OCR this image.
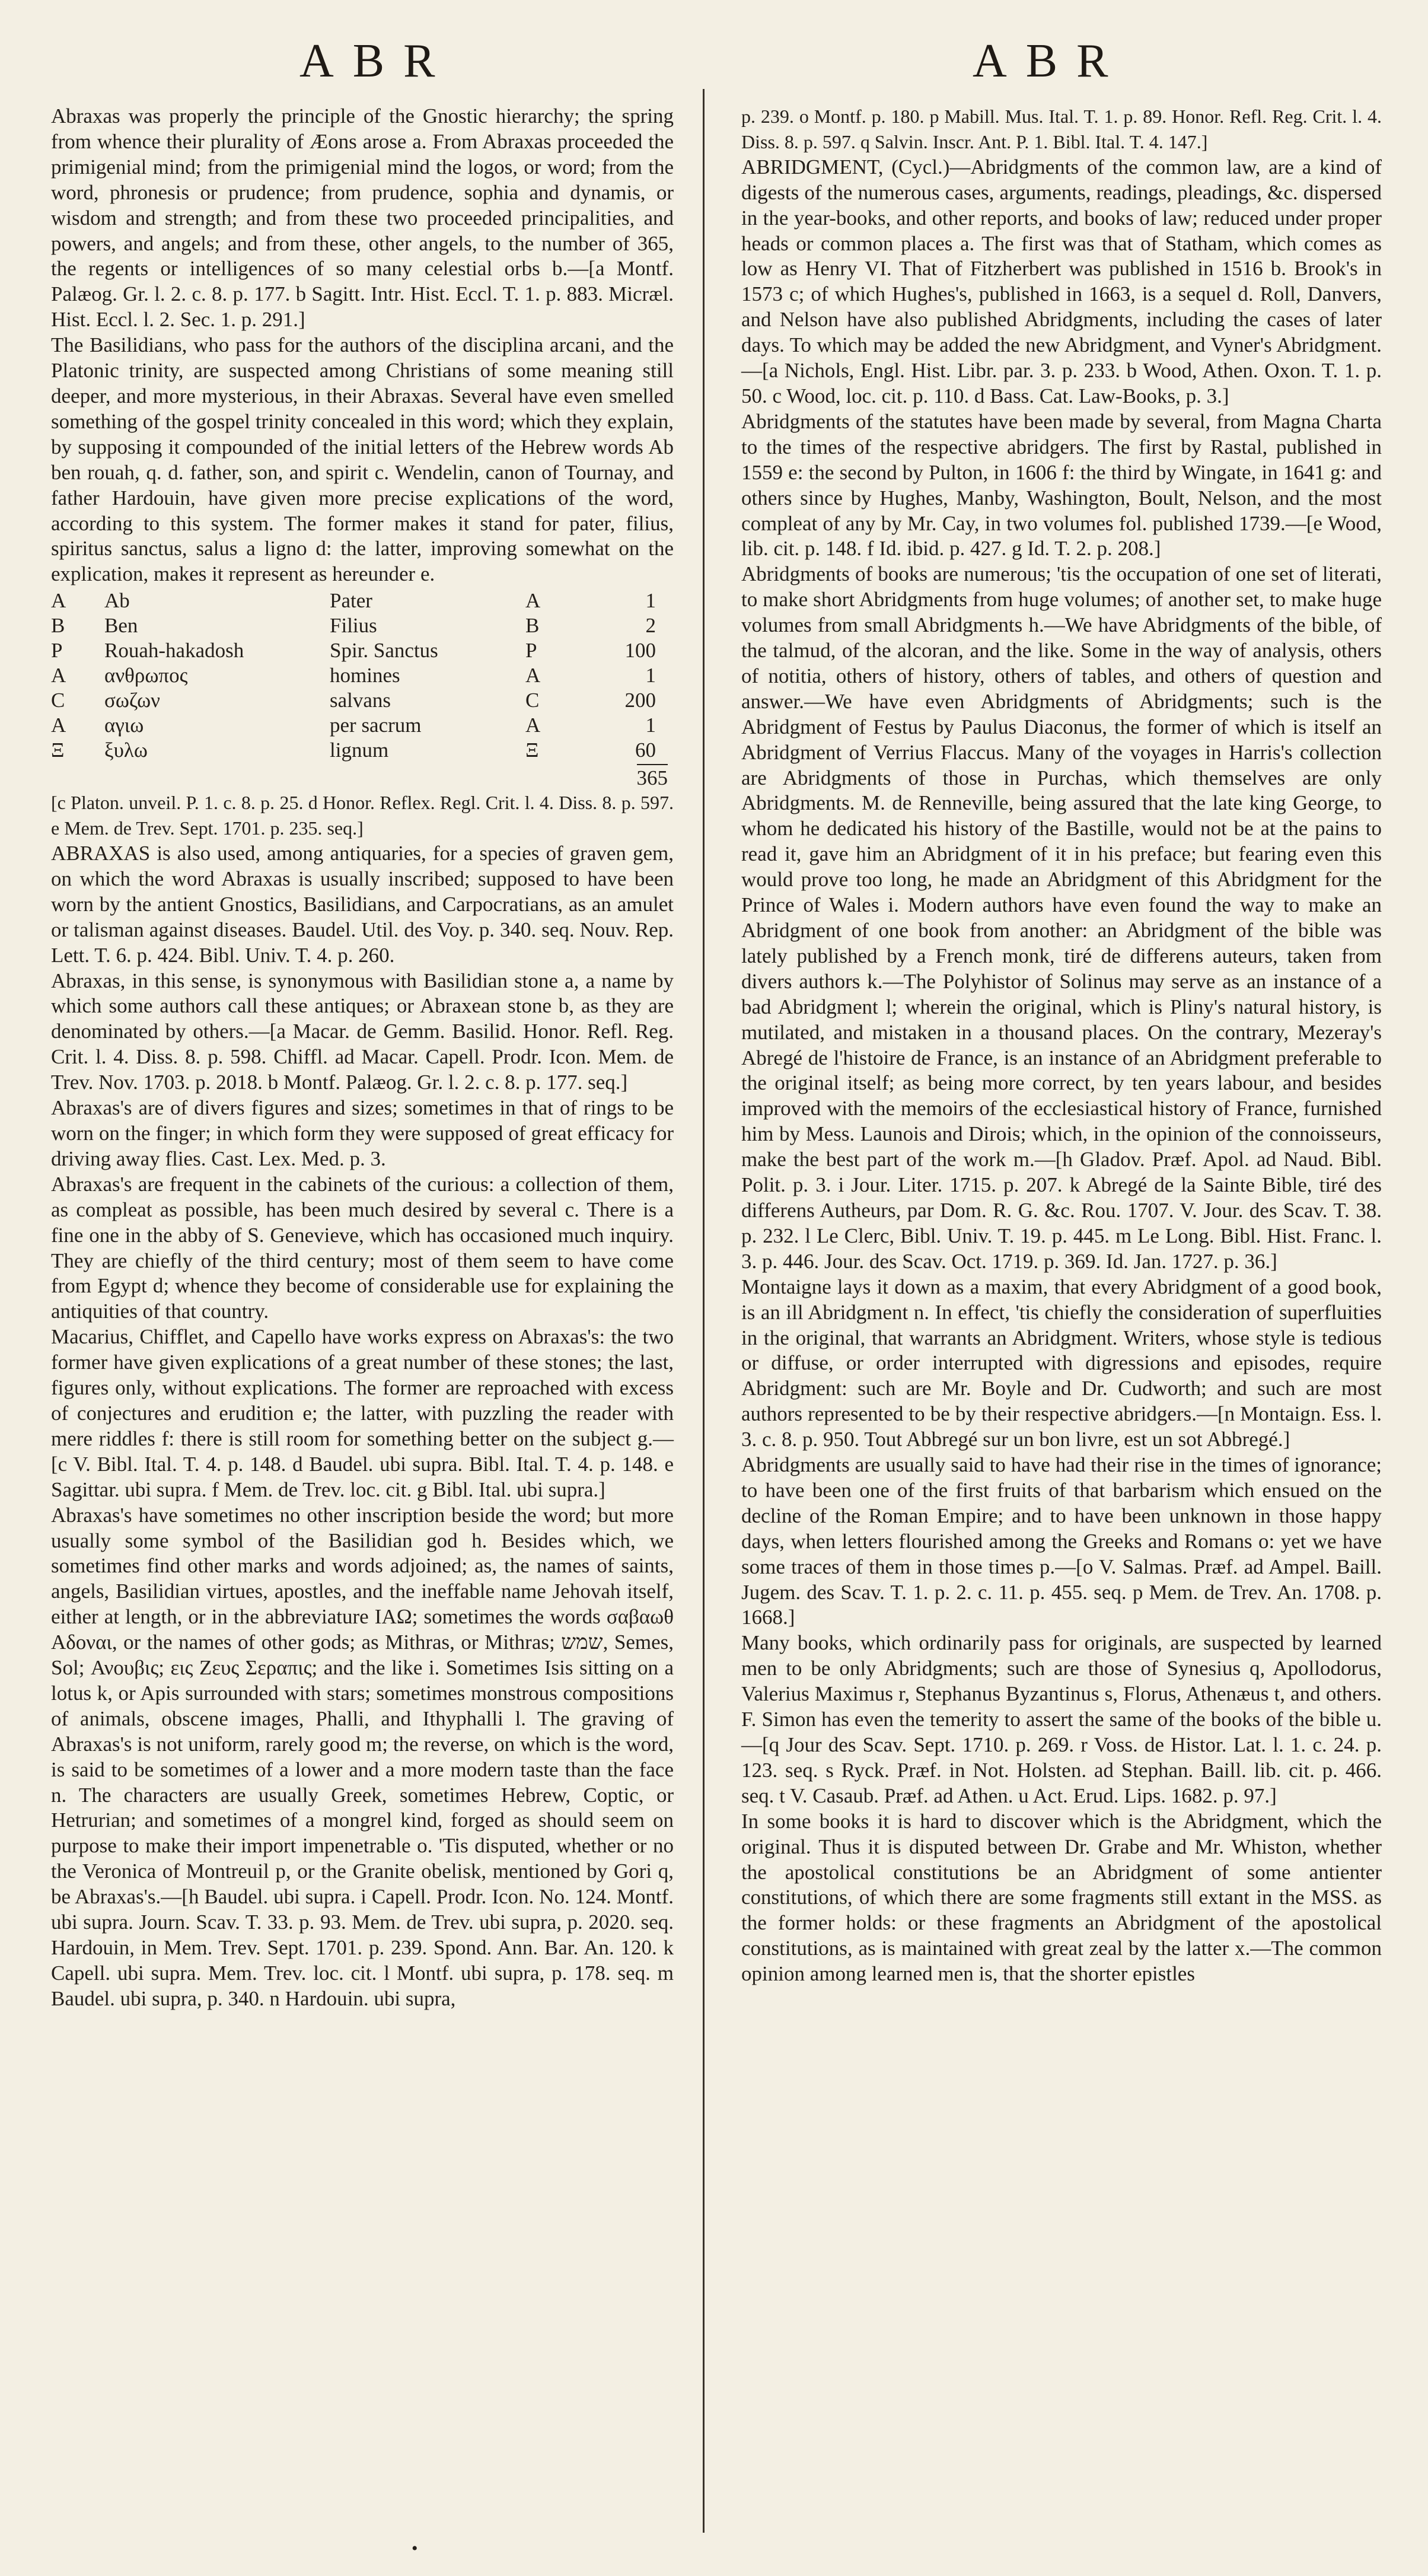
ABR	ABR

Abraxas was properly the principle of the Gnostic hierarchy; the spring from whence their plurality of Æons arose a. From Abraxas proceeded the primigenial mind; from the primigenial mind the logos, or word; from the word, phronesis or prudence; from prudence, sophia and dynamis, or wisdom and strength; and from these two proceeded principalities, and powers, and angels; and from these, other angels, to the number of 365, the regents or intelligences of so many celestial orbs b.—[a Montf. Palæog. Gr. l. 2. c. 8. p. 177. b Sagitt. Intr. Hist. Eccl. T. 1. p. 883. Micræl. Hist. Eccl. l. 2. Sec. 1. p. 291.]

The Basilidians, who pass for the authors of the disciplina arcani, and the Platonic trinity, are suspected among Christians of some meaning still deeper, and more mysterious, in their Abraxas. Several have even smelled something of the gospel trinity concealed in this word; which they explain, by supposing it compounded of the initial letters of the Hebrew words Ab ben rouah, q. d. father, son, and spirit c. Wendelin, canon of Tournay, and father Hardouin, have given more precise explications of the word, according to this system. The former makes it stand for pater, filius, spiritus sanctus, salus a ligno d: the latter, improving somewhat on the explication, makes it represent as hereunder e.

A	Ab	Pater	A	1
B	Ben	Filius	B	2
P	Rouah-hakadosh	Spir. Sanctus	P	100
A	ανθρωπος	homines	A	1
C	σωζων	salvans	C	200
A	αγιω	per sacrum	A	1
Ξ	ξυλω	lignum	Ξ	60
365

[c Platon. unveil. P. 1. c. 8. p. 25. d Honor. Reflex. Regl. Crit. l. 4. Diss. 8. p. 597. e Mem. de Trev. Sept. 1701. p. 235. seq.]

ABRAXAS is also used, among antiquaries, for a species of graven gem, on which the word Abraxas is usually inscribed; supposed to have been worn by the antient Gnostics, Basilidians, and Carpocratians, as an amulet or talisman against diseases. Baudel. Util. des Voy. p. 340. seq. Nouv. Rep. Lett. T. 6. p. 424. Bibl. Univ. T. 4. p. 260.

Abraxas, in this sense, is synonymous with Basilidian stone a, a name by which some authors call these antiques; or Abraxean stone b, as they are denominated by others.—[a Macar. de Gemm. Basilid. Honor. Refl. Reg. Crit. l. 4. Diss. 8. p. 598. Chiffl. ad Macar. Capell. Prodr. Icon. Mem. de Trev. Nov. 1703. p. 2018. b Montf. Palæog. Gr. l. 2. c. 8. p. 177. seq.]

Abraxas's are of divers figures and sizes; sometimes in that of rings to be worn on the finger; in which form they were supposed of great efficacy for driving away flies. Cast. Lex. Med. p. 3.

Abraxas's are frequent in the cabinets of the curious: a collection of them, as compleat as possible, has been much desired by several c. There is a fine one in the abby of S. Genevieve, which has occasioned much inquiry. They are chiefly of the third century; most of them seem to have come from Egypt d; whence they become of considerable use for explaining the antiquities of that country.

Macarius, Chifflet, and Capello have works express on Abraxas's: the two former have given explications of a great number of these stones; the last, figures only, without explications. The former are reproached with excess of conjectures and erudition e; the latter, with puzzling the reader with mere riddles f: there is still room for something better on the subject g.—[c V. Bibl. Ital. T. 4. p. 148. d Baudel. ubi supra. Bibl. Ital. T. 4. p. 148. e Sagittar. ubi supra. f Mem. de Trev. loc. cit. g Bibl. Ital. ubi supra.]

Abraxas's have sometimes no other inscription beside the word; but more usually some symbol of the Basilidian god h. Besides which, we sometimes find other marks and words adjoined; as, the names of saints, angels, Basilidian virtues, apostles, and the ineffable name Jehovah itself, either at length, or in the abbreviature ΙΑΩ; sometimes the words σαβαωθ Αδοναι, or the names of other gods; as Mithras, or Mithras; שמש, Semes, Sol; Ανουβις; εις Ζευς Σεραπις; and the like i. Sometimes Isis sitting on a lotus k, or Apis surrounded with stars; sometimes monstrous compositions of animals, obscene images, Phalli, and Ithyphalli l. The graving of Abraxas's is not uniform, rarely good m; the reverse, on which is the word, is said to be sometimes of a lower and a more modern taste than the face n. The characters are usually Greek, sometimes Hebrew, Coptic, or Hetrurian; and sometimes of a mongrel kind, forged as should seem on purpose to make their import impenetrable o. 'Tis disputed, whether or no the Veronica of Montreuil p, or the Granite obelisk, mentioned by Gori q, be Abraxas's.—[h Baudel. ubi supra. i Capell. Prodr. Icon. No. 124. Montf. ubi supra. Journ. Scav. T. 33. p. 93. Mem. de Trev. ubi supra, p. 2020. seq. Hardouin, in Mem. Trev. Sept. 1701. p. 239. Spond. Ann. Bar. An. 120. k Capell. ubi supra. Mem. Trev. loc. cit. l Montf. ubi supra, p. 178. seq. m Baudel. ubi supra, p. 340. n Hardouin. ubi supra,

•

p. 239. o Montf. p. 180. p Mabill. Mus. Ital. T. 1. p. 89. Honor. Refl. Reg. Crit. l. 4. Diss. 8. p. 597. q Salvin. Inscr. Ant. P. 1. Bibl. Ital. T. 4. 147.]

ABRIDGMENT, (Cycl.)—Abridgments of the common law, are a kind of digests of the numerous cases, arguments, readings, pleadings, &c. dispersed in the year-books, and other reports, and books of law; reduced under proper heads or common places a. The first was that of Statham, which comes as low as Henry VI. That of Fitzherbert was published in 1516 b. Brook's in 1573 c; of which Hughes's, published in 1663, is a sequel d. Roll, Danvers, and Nelson have also published Abridgments, including the cases of later days. To which may be added the new Abridgment, and Vyner's Abridgment.—[a Nichols, Engl. Hist. Libr. par. 3. p. 233. b Wood, Athen. Oxon. T. 1. p. 50. c Wood, loc. cit. p. 110. d Bass. Cat. Law-Books, p. 3.]

Abridgments of the statutes have been made by several, from Magna Charta to the times of the respective abridgers. The first by Rastal, published in 1559 e: the second by Pulton, in 1606 f: the third by Wingate, in 1641 g: and others since by Hughes, Manby, Washington, Boult, Nelson, and the most compleat of any by Mr. Cay, in two volumes fol. published 1739.—[e Wood, lib. cit. p. 148. f Id. ibid. p. 427. g Id. T. 2. p. 208.]

Abridgments of books are numerous; 'tis the occupation of one set of literati, to make short Abridgments from huge volumes; of another set, to make huge volumes from small Abridgments h.—We have Abridgments of the bible, of the talmud, of the alcoran, and the like. Some in the way of analysis, others of notitia, others of history, others of tables, and others of question and answer.—We have even Abridgments of Abridgments; such is the Abridgment of Festus by Paulus Diaconus, the former of which is itself an Abridgment of Verrius Flaccus. Many of the voyages in Harris's collection are Abridgments of those in Purchas, which themselves are only Abridgments. M. de Renneville, being assured that the late king George, to whom he dedicated his history of the Bastille, would not be at the pains to read it, gave him an Abridgment of it in his preface; but fearing even this would prove too long, he made an Abridgment of this Abridgment for the Prince of Wales i. Modern authors have even found the way to make an Abridgment of one book from another: an Abridgment of the bible was lately published by a French monk, tiré de differens auteurs, taken from divers authors k.—The Polyhistor of Solinus may serve as an instance of a bad Abridgment l; wherein the original, which is Pliny's natural history, is mutilated, and mistaken in a thousand places. On the contrary, Mezeray's Abregé de l'histoire de France, is an instance of an Abridgment preferable to the original itself; as being more correct, by ten years labour, and besides improved with the memoirs of the ecclesiastical history of France, furnished him by Mess. Launois and Dirois; which, in the opinion of the connoisseurs, make the best part of the work m.—[h Gladov. Præf. Apol. ad Naud. Bibl. Polit. p. 3. i Jour. Liter. 1715. p. 207. k Abregé de la Sainte Bible, tiré des differens Autheurs, par Dom. R. G. &c. Rou. 1707. V. Jour. des Scav. T. 38. p. 232. l Le Clerc, Bibl. Univ. T. 19. p. 445. m Le Long. Bibl. Hist. Franc. l. 3. p. 446. Jour. des Scav. Oct. 1719. p. 369. Id. Jan. 1727. p. 36.]

Montaigne lays it down as a maxim, that every Abridgment of a good book, is an ill Abridgment n. In effect, 'tis chiefly the consideration of superfluities in the original, that warrants an Abridgment. Writers, whose style is tedious or diffuse, or order interrupted with digressions and episodes, require Abridgment: such are Mr. Boyle and Dr. Cudworth; and such are most authors represented to be by their respective abridgers.—[n Montaign. Ess. l. 3. c. 8. p. 950. Tout Abbregé sur un bon livre, est un sot Abbregé.]

Abridgments are usually said to have had their rise in the times of ignorance; to have been one of the first fruits of that barbarism which ensued on the decline of the Roman Empire; and to have been unknown in those happy days, when letters flourished among the Greeks and Romans o: yet we have some traces of them in those times p.—[o V. Salmas. Præf. ad Ampel. Baill. Jugem. des Scav. T. 1. p. 2. c. 11. p. 455. seq. p Mem. de Trev. An. 1708. p. 1668.]

Many books, which ordinarily pass for originals, are suspected by learned men to be only Abridgments; such are those of Synesius q, Apollodorus, Valerius Maximus r, Stephanus Byzantinus s, Florus, Athenæus t, and others. F. Simon has even the temerity to assert the same of the books of the bible u.—[q Jour des Scav. Sept. 1710. p. 269. r Voss. de Histor. Lat. l. 1. c. 24. p. 123. seq. s Ryck. Præf. in Not. Holsten. ad Stephan. Baill. lib. cit. p. 466. seq. t V. Casaub. Præf. ad Athen. u Act. Erud. Lips. 1682. p. 97.]

In some books it is hard to discover which is the Abridgment, which the original. Thus it is disputed between Dr. Grabe and Mr. Whiston, whether the apostolical constitutions be an Abridgment of some antienter constitutions, of which there are some fragments still extant in the MSS. as the former holds: or these fragments an Abridgment of the apostolical constitutions, as is maintained with great zeal by the latter x.—The common opinion among learned men is, that the shorter epistles
